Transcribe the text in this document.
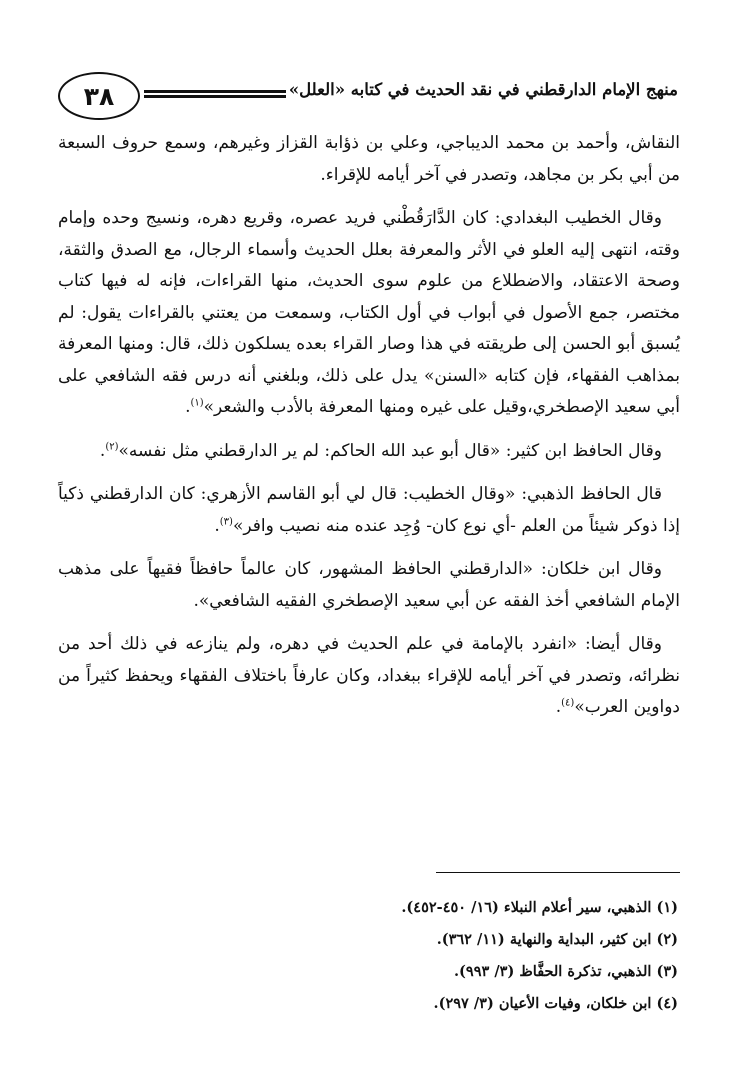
٣٨	منهج الإمام الدارقطني في نقد الحديث في كتابه «العلل»

النقاش، وأحمد بن محمد الديباجي، وعلي بن ذؤابة القزاز وغيرهم، وسمع حروف السبعة من أبي بكر بن مجاهد، وتصدر في آخر أيامه للإقراء.

وقال الخطيب البغدادي: كان الدَّارَقُطْني فريد عصره، وقريع دهره، ونسيج وحده وإمام وقته، انتهى إليه العلو في الأثر والمعرفة بعلل الحديث وأسماء الرجال، مع الصدق والثقة، وصحة الاعتقاد، والاضطلاع من علوم سوى الحديث، منها القراءات، فإنه له فيها كتاب مختصر، جمع الأصول في أبواب في أول الكتاب، وسمعت من يعتني بالقراءات يقول: لم يُسبق أبو الحسن إلى طريقته في هذا وصار القراء بعده يسلكون ذلك، قال: ومنها المعرفة بمذاهب الفقهاء، فإن كتابه «السنن» يدل على ذلك، وبلغني أنه درس فقه الشافعي على أبي سعيد الإصطخري،وقيل على غيره ومنها المعرفة بالأدب والشعر»$^{(١)}$.

وقال الحافظ ابن كثير: «قال أبو عبد الله الحاكم: لم ير الدارقطني مثل نفسه»$^{(٢)}$.

قال الحافظ الذهبي: «وقال الخطيب: قال لي أبو القاسم الأزهري: كان الدارقطني ذكياً إذا ذوكر شيئاً من العلم -أي نوع كان- وُجِد عنده منه نصيب وافر»$^{(٣)}$.

وقال ابن خلكان: «الدارقطني الحافظ المشهور، كان عالماً حافظاً فقيهاً على مذهب الإمام الشافعي أخذ الفقه عن أبي سعيد الإصطخري الفقيه الشافعي».

وقال أيضا: «انفرد بالإمامة في علم الحديث في دهره، ولم ينازعه في ذلك أحد من نظرائه، وتصدر في آخر أيامه للإقراء ببغداد، وكان عارفاً باختلاف الفقهاء ويحفظ كثيراً من دواوين العرب»$^{(٤)}$.

(١) الذهبي، سير أعلام النبلاء (١٦/ ٤٥٠-٤٥٢).

(٢) ابن كثير، البداية والنهاية (١١/ ٣٦٢).

(٣) الذهبي، تذكرة الحفَّاظ (٣/ ٩٩٣).

(٤) ابن خلكان، وفيات الأعيان (٣/ ٢٩٧).
